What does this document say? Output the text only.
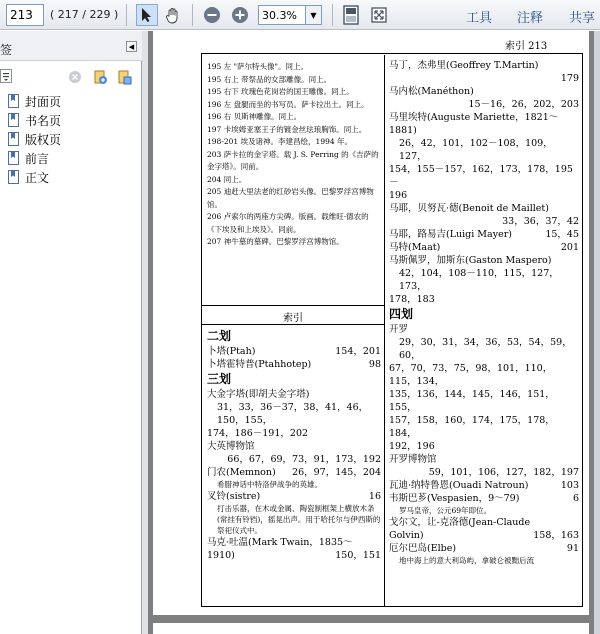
213
( 217 / 229 )
30.3%	▼	工具 注释 共享
签	◀
封面页
书名页
版权页
前言
正文
索引 213
195 左 "萨尔特头像"。同上。
195 右上 带祭品的女部雕像。同上。
195 右下 玫瑰色花岗岩的国王雕像。同上。
196 左 盘腿而坐的书写员。萨卡拉出土。同上。
196 右 贝斯神雕像。同上。
197 卡埃姆亚塞王子的镀金丝珐琅胸饰。同上。
198-201 埃及诸神。李建昌绘，1994 年。
203 萨卡拉的金字塔。载 J. S. Perring 的《吉萨的金字塔》。同前。
204 同上。
205 迪赶大里法老的红砂岩头像。巴黎罗浮宫博物馆。
206 卢索尔的两座方尖碑。版画。载维旺·德农的《下埃及和上埃及》。同前。
207 神牛墓的墓碑。巴黎罗浮宫博物馆。
索引
二划
卜塔(Ptah)	154，201
卜塔霍特普(Ptahhotep)	98
三划
大金字塔(即胡夫金字塔)
31，33，36－37，38，41，46，150，155，
174，186－191，202
大英博物馆
66，67，69，73，91，173，192
门农(Memnon) 26，97，145，204
希腊神话中特洛伊战争的英雄。
叉铃(sistre)	16
打击乐器，在木或金属、陶瓷制框架上横放木条(常挂有铃铛)，摇晃出声。用于哈托尔与伊西斯的祭祀仪式中。
马克·吐温(Mark Twain，1835～
1910)	150，151
马丁，杰弗里(Geoffrey T.Martin)
179
马内松(Manéthon)
15－16，26，202，203
马里埃特(Auguste Mariette，1821～
1881)
26，42，101，102－108，109，127，
154，155－157，162，173，178，195－
196
马耶，贝努瓦·德(Benoit de Maillet)
33，36，37，42
马耶，路易吉(Luigi Mayer)	15，45
马特(Maat)	201
马斯佩罗，加斯东(Gaston Maspero)
42，104，108－110，115，127，173，
178，183
四划
开罗
29，30，31，34，36，53，54，59，60，
67，70，73，75，98，101，110，115，134，
135，136，144，145，146，151，155，
157，158，160，174，175，178，184，
192，196
开罗博物馆
59，101，106，127，182，197
瓦迪·纳特鲁恩(Ouadi Natroun)	103
韦斯巴芗(Vespasien，9～79)	6
罗马皇帝，公元69年即位。
戈尔文，让-克洛德(Jean-Claude
Golvin)	158，163
厄尔巴岛(Elbe)	91
地中海上的意大利岛屿，拿破仑被黜后流
